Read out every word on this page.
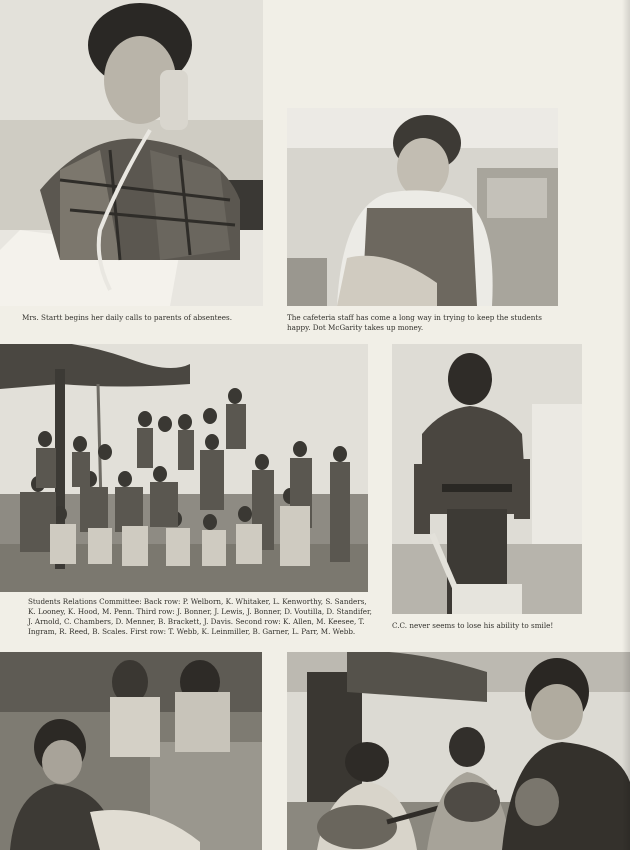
Mrs. Startt begins her daily calls to parents of absentees.	The cafeteria staff has come a long way in trying to keep the students happy. Dot McGarity takes up money.

Students Relations Committee: Back row: P. Welborn, K. Whitaker, L. Kenworthy, S. Sanders, K. Looney, K. Hood, M. Penn. Third row: J. Bonner, J. Lewis, J. Bonner, D. Voutilla, D. Standifer, J. Arnold, C. Chambers, D. Menner, B. Brackett, J. Davis. Second row: K. Allen, M. Keesee, T. Ingram, R. Reed, B. Scales. First row: T. Webb, K. Leinmiller, B. Garner, L. Parr, M. Webb.

C.C. never seems to lose his ability to smile!
